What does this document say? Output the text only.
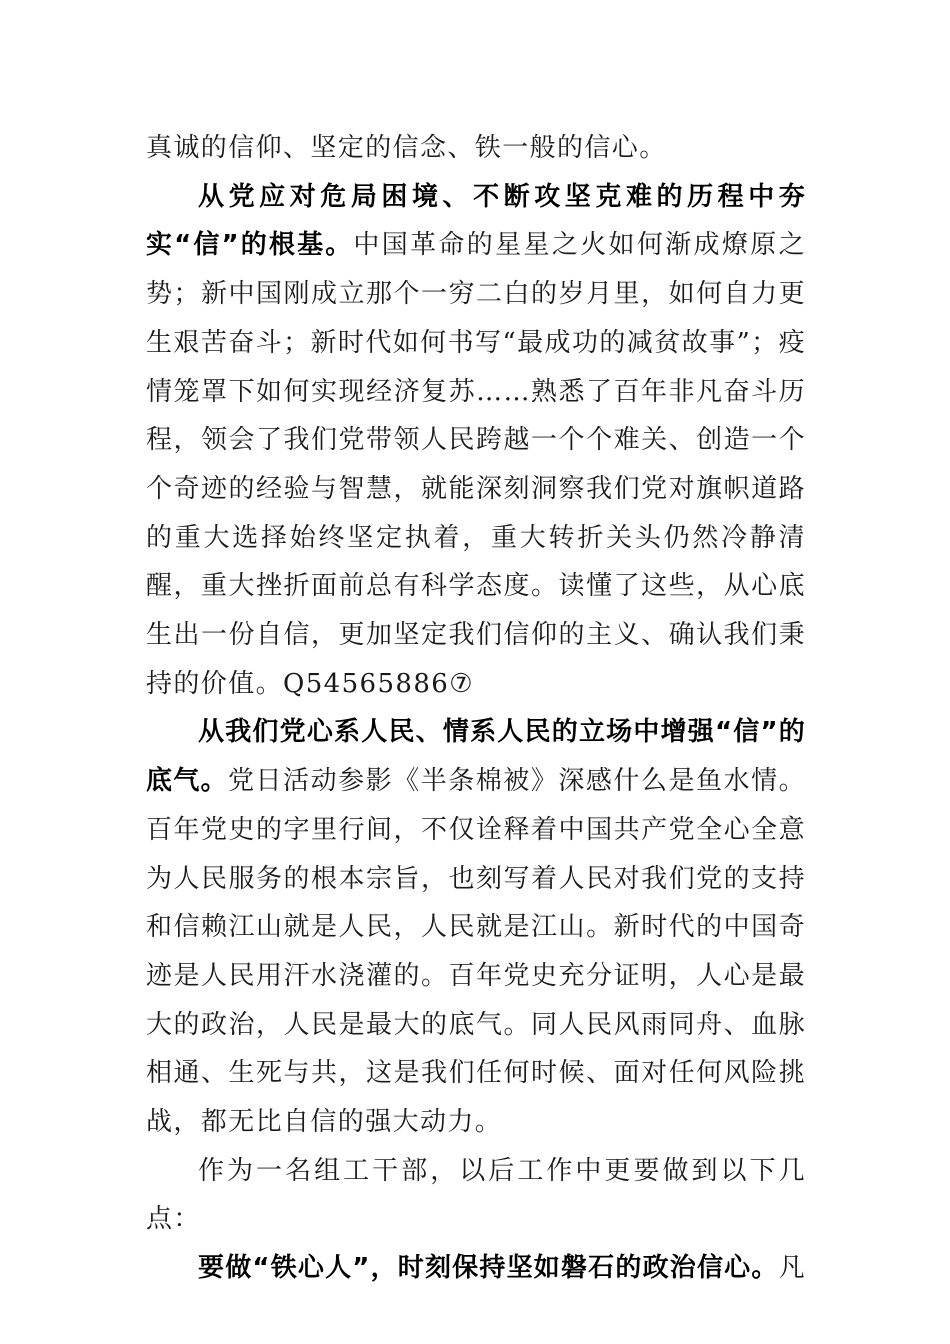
真诚的信仰、坚定的信念、铁一般的信心。

从党应对危局困境、不断攻坚克难的历程中夯实“信”的根基。中国革命的星星之火如何渐成燎原之势；新中国刚成立那个一穷二白的岁月里，如何自力更生艰苦奋斗；新时代如何书写“最成功的减贫故事”；疫情笼罩下如何实现经济复苏……熟悉了百年非凡奋斗历程，领会了我们党带领人民跨越一个个难关、创造一个个奇迹的经验与智慧，就能深刻洞察我们党对旗帜道路的重大选择始终坚定执着，重大转折关头仍然冷静清醒，重大挫折面前总有科学态度。读懂了这些，从心底生出一份自信，更加坚定我们信仰的主义、确认我们秉持的价值。Q54565886⑦

从我们党心系人民、情系人民的立场中增强“信”的底气。党日活动参影《半条棉被》深感什么是鱼水情。百年党史的字里行间，不仅诠释着中国共产党全心全意为人民服务的根本宗旨，也刻写着人民对我们党的支持和信赖江山就是人民，人民就是江山。新时代的中国奇迹是人民用汗水浇灌的。百年党史充分证明，人心是最大的政治，人民是最大的底气。同人民风雨同舟、血脉相通、生死与共，这是我们任何时候、面对任何风险挑战，都无比自信的强大动力。

作为一名组工干部，以后工作中更要做到以下几点：

要做“铁心人”，时刻保持坚如磐石的政治信心。凡
